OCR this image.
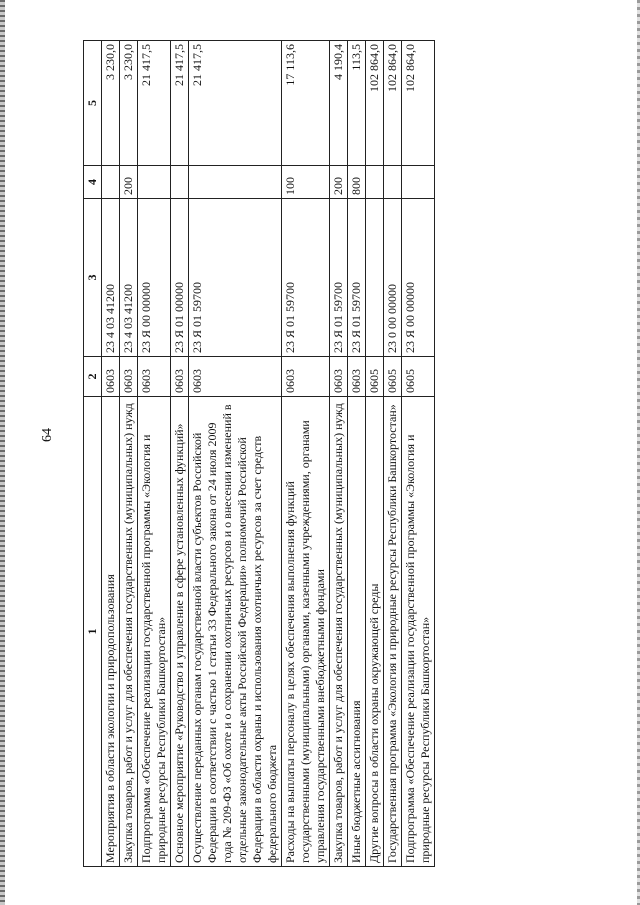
64
1	2	3	4	5
Мероприятия в области экологии и природопользования	0603	23 4 03 41200		3 230,0
Закупка товаров, работ и услуг для обеспечения государственных (муниципальных) нужд	0603	23 4 03 41200	200	3 230,0
Подпрограмма «Обеспечение реализации государственной программы «Экология и природные ресурсы Республики Башкортостан»	0603	23 Я 00 00000		21 417,5
Основное мероприятие «Руководство и управление в сфере установленных функций»	0603	23 Я 01 00000		21 417,5
Осуществление переданных органам государственной власти субъектов Российской Федерации в соответствии с частью 1 статьи 33 Федерального закона от 24 июля 2009 года № 209-ФЗ «Об охоте и о сохранении охотничьих ресурсов и о внесении изменений в отдельные законодательные акты Российской Федерации» полномочий Российской Федерации в области охраны и использования охотничьих ресурсов за счет средств федерального бюджета	0603	23 Я 01 59700		21 417,5
Расходы на выплаты персоналу в целях обеспечения выполнения функций государственными (муниципальными) органами, казенными учреждениями, органами управления государственными внебюджетными фондами	0603	23 Я 01 59700	100	17 113,6
Закупка товаров, работ и услуг для обеспечения государственных (муниципальных) нужд	0603	23 Я 01 59700	200	4 190,4
Иные бюджетные ассигнования	0603	23 Я 01 59700	800	113,5
Другие вопросы в области охраны окружающей среды	0605			102 864,0
Государственная программа «Экология и природные ресурсы Республики Башкортостан»	0605	23 0 00 00000		102 864,0
Подпрограмма «Обеспечение реализации государственной программы «Экология и природные ресурсы Республики Башкортостан»	0605	23 Я 00 00000		102 864,0
